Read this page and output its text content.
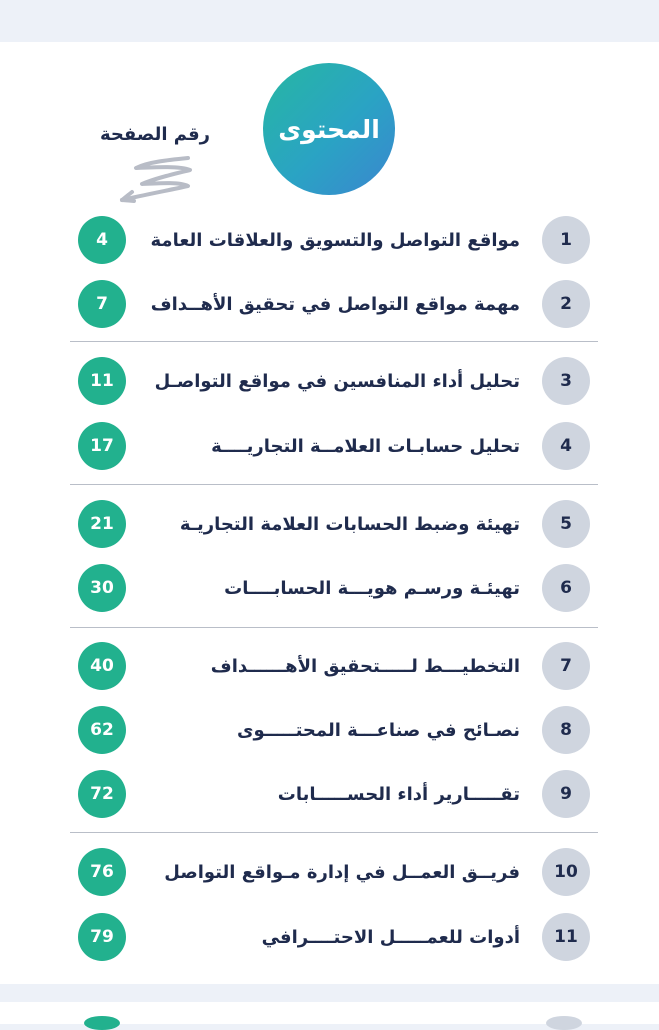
المحتوى
رقم الصفحة
4	مواقع التواصل والتسويق والعلاقات العامة	1
7	مهمة مواقع التواصل في تحقيق الأهــداف	2
11	تحليل أداء المنافسين في مواقع التواصـل	3
17	تحليل حسابـات العلامــة التجاريــــة	4
21	تهيئة وضبط الحسابات العلامة التجاريـة	5
30	تهيئـة ورسـم هويـــة الحسابــــات	6
40	التخطيـــط لـــــتحقيق الأهــــــداف	7
62	نصـائح في صناعـــة المحتـــــوى	8
72	تقـــــارير أداء الحســـــابات	9
76	فريــق العمــل في إدارة مـواقع التواصل	10
79	أدوات للعمـــــل الاحتــــرافي	11
